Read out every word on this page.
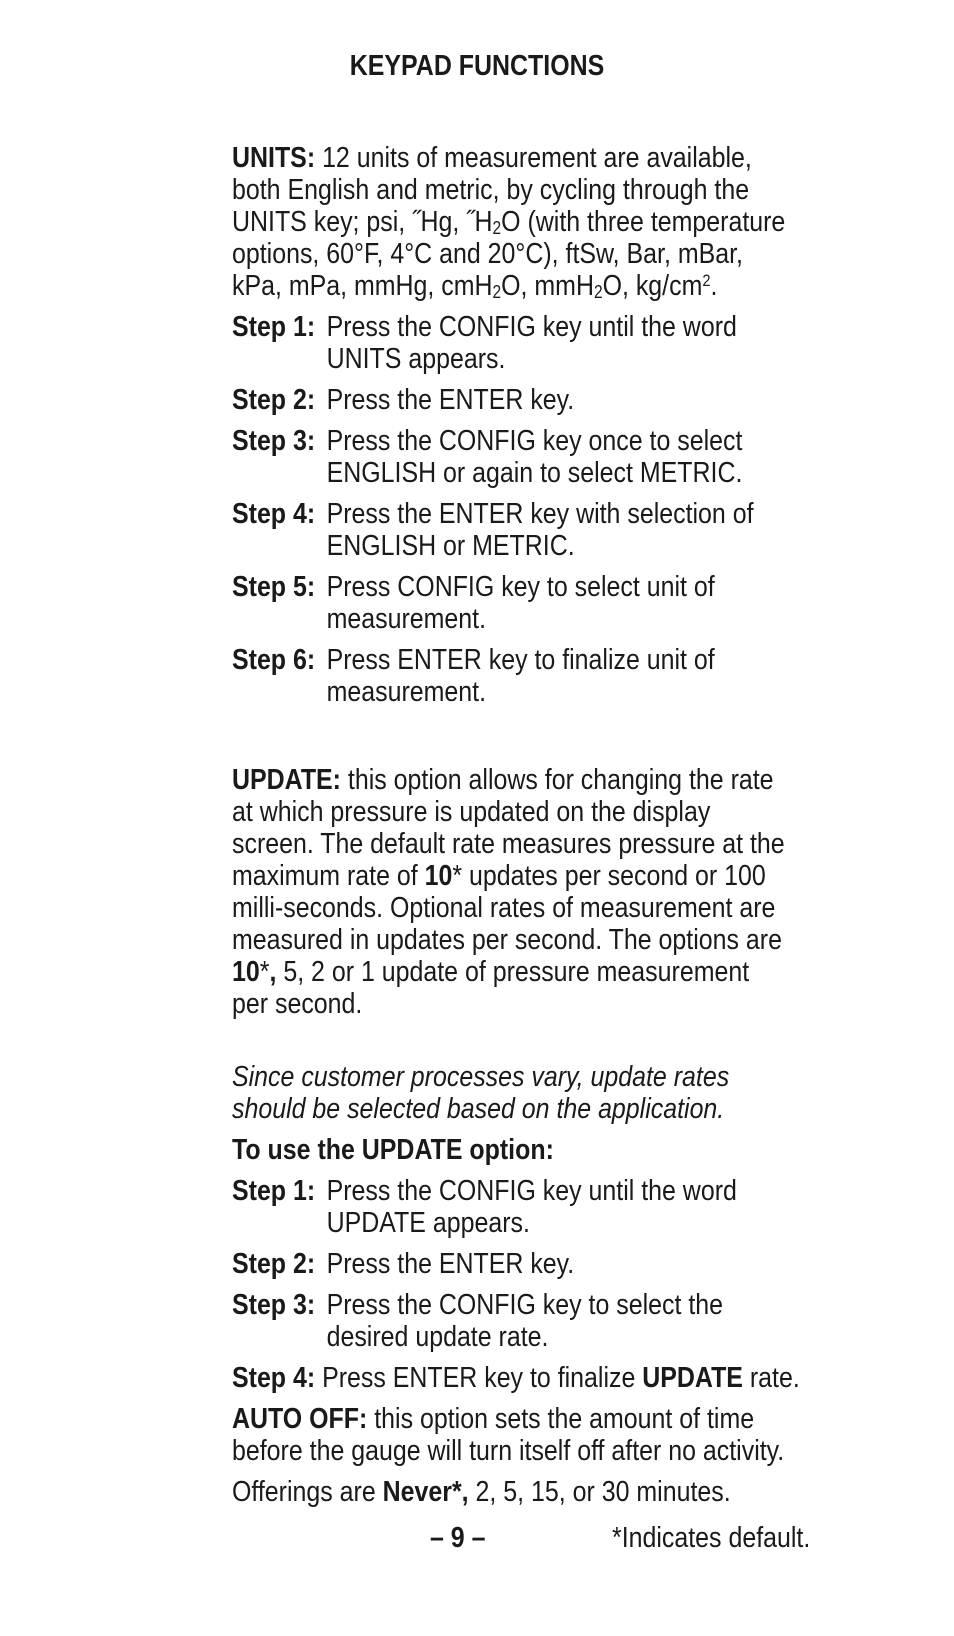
KEYPAD FUNCTIONS
UNITS: 12 units of measurement are available,
both English and metric, by cycling through the
UNITS key; psi, ˝Hg, ˝H2O (with three temperature
options, 60°F, 4°C and 20°C), ftSw, Bar, mBar,
kPa, mPa, mmHg, cmH2O, mmH2O, $kg/cm^2$.
Step 1: Press the CONFIG key until the word
UNITS appears.
Step 2: Press the ENTER key.
Step 3: Press the CONFIG key once to select
ENGLISH or again to select METRIC.
Step 4: Press the ENTER key with selection of
ENGLISH or METRIC.
Step 5: Press CONFIG key to select unit of
measurement.
Step 6: Press ENTER key to finalize unit of
measurement.
UPDATE: this option allows for changing the rate
at which pressure is updated on the display
screen. The default rate measures pressure at the
maximum rate of 10* updates per second or 100
milli-seconds. Optional rates of measurement are
measured in updates per second. The options are
10*, 5, 2 or 1 update of pressure measurement
per second.
Since customer processes vary, update rates
should be selected based on the application.
To use the UPDATE option:
Step 1: Press the CONFIG key until the word
UPDATE appears.
Step 2: Press the ENTER key.
Step 3: Press the CONFIG key to select the
desired update rate.
Step 4: Press ENTER key to finalize UPDATE rate.
AUTO OFF: this option sets the amount of time
before the gauge will turn itself off after no activity.
Offerings are Never*, 2, 5, 15, or 30 minutes.
– 9 –	*Indicates default.
